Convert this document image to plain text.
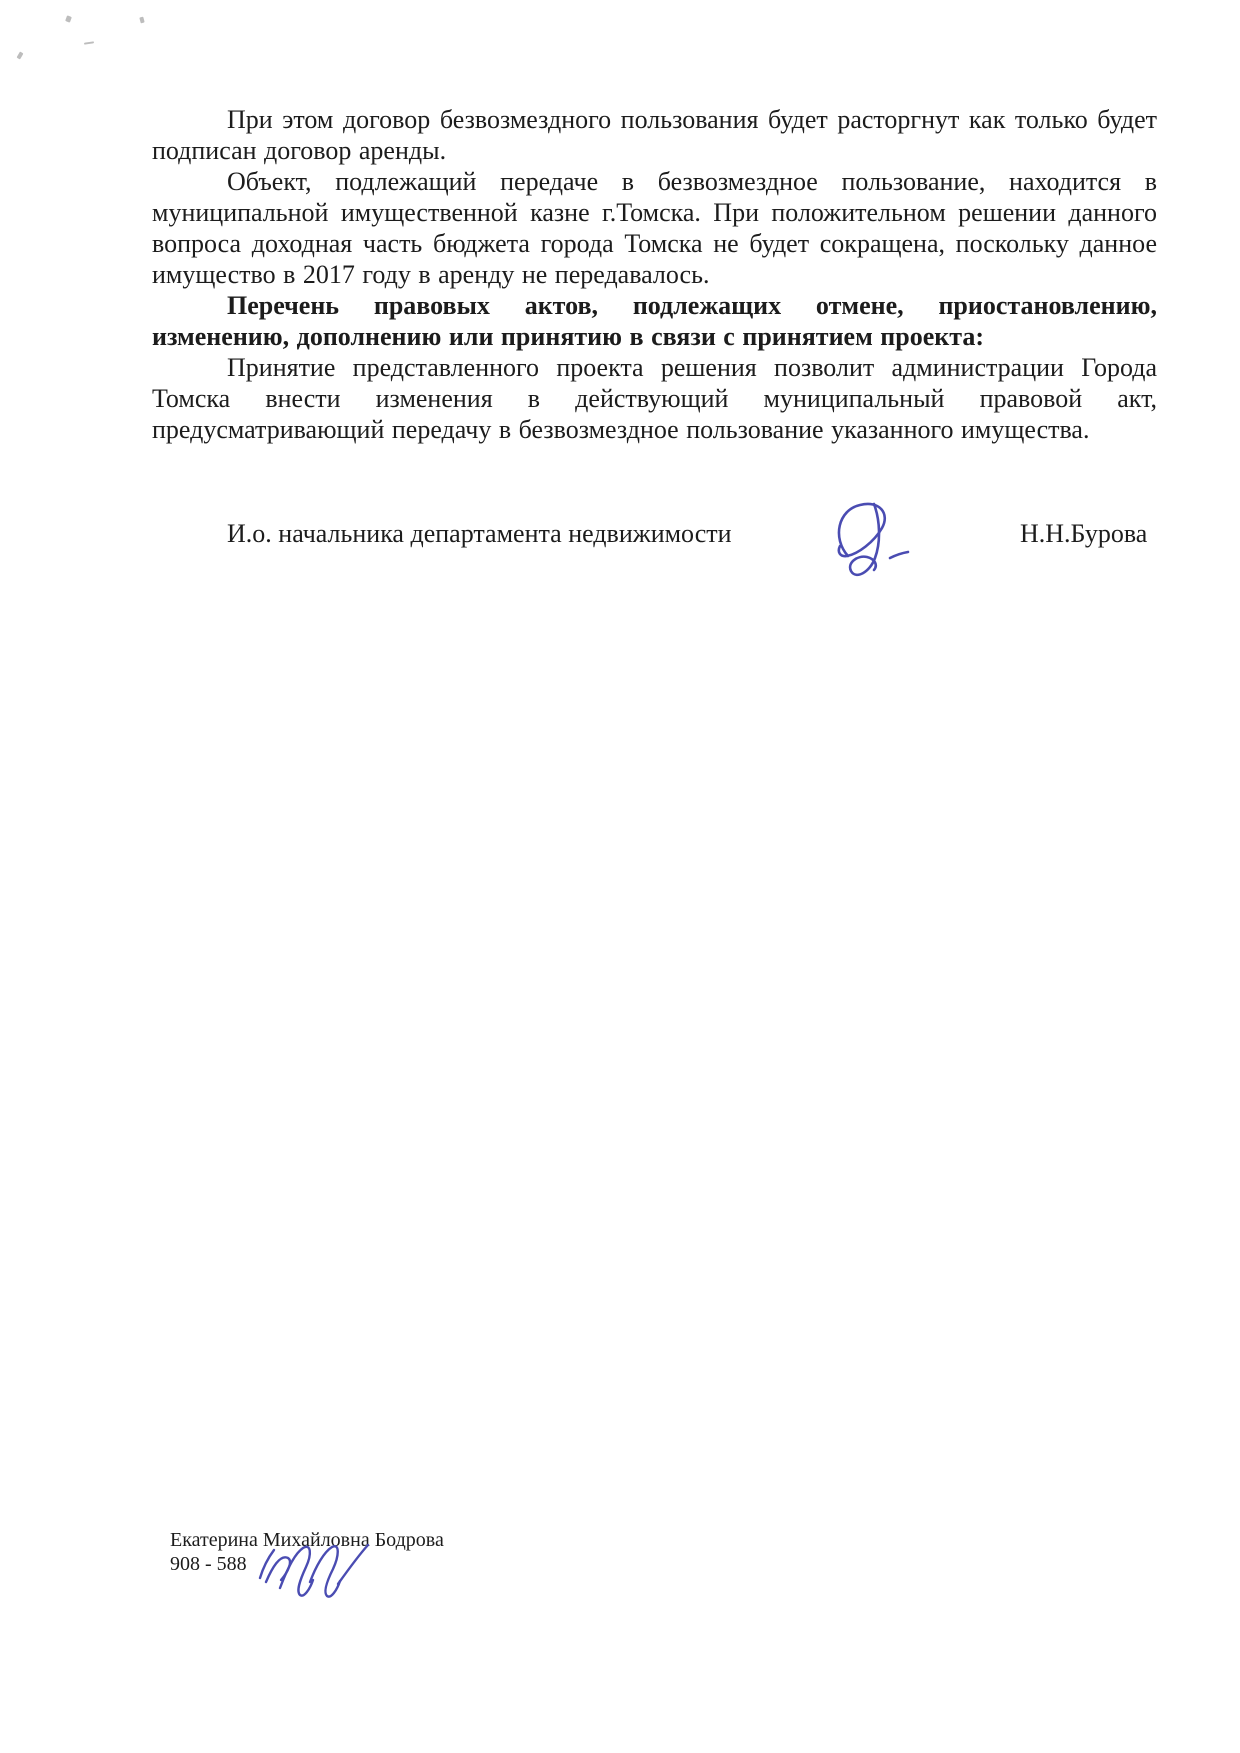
При этом договор безвозмездного пользования будет расторгнут как только будет подписан договор аренды.

Объект, подлежащий передаче в безвозмездное пользование, находится в муниципальной имущественной казне г.Томска. При положительном решении данного вопроса доходная часть бюджета города Томска не будет сокращена, поскольку данное имущество в 2017 году в аренду не передавалось.

Перечень правовых актов, подлежащих отмене, приостановлению, изменению, дополнению или принятию в связи с принятием проекта:

Принятие представленного проекта решения позволит администрации Города Томска внести изменения в действующий муниципальный правовой акт, предусматривающий передачу в безвозмездное пользование указанного имущества.

И.о. начальника департамента недвижимости	Н.Н.Бурова
Екатерина Михайловна Бодрова
908 - 588
